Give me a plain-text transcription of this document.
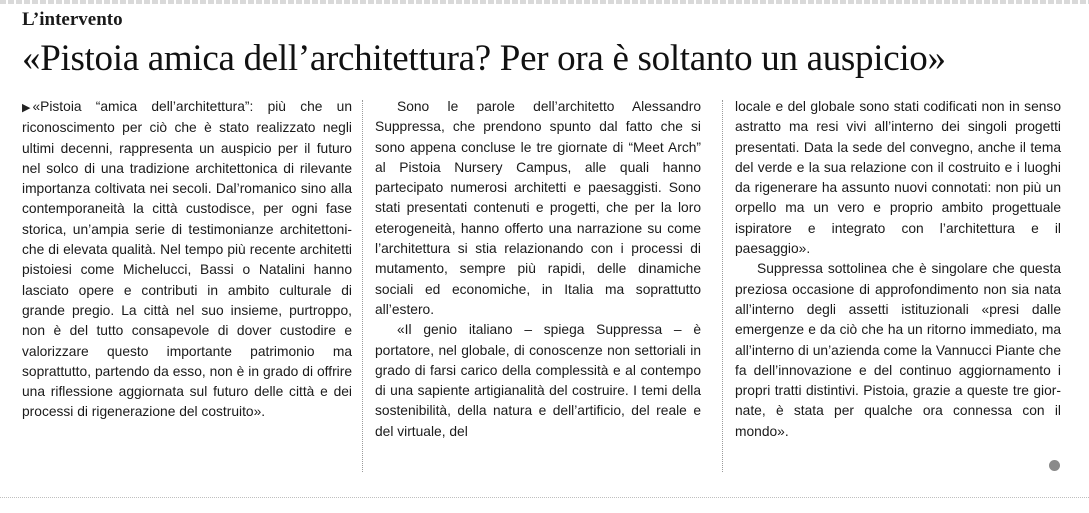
L’intervento
«Pistoia amica dell’architettura? Per ora è soltanto un auspicio»

▶ «Pistoia “amica dell’architettura”: più che un riconoscimento per ciò che è stato realizzato negli ultimi decenni, rappresenta un auspicio per il futuro nel solco di una tradizione architettonica di rilevante importanza coltivata nei secoli. Dal’romanico sino alla contemporaneità la città custodisce, per ogni fase storica, un’ampia serie di testimonianze architettoniche di elevata qualità. Nel tempo più recente architetti pistoiesi come Michelucci, Bassi o Natalini hanno lasciato opere e contributi in ambito culturale di grande pregio. La città nel suo insieme, purtroppo, non è del tutto consapevole di dover custodire e valorizzare questo importante patrimonio ma soprattutto, partendo da esso, non è in grado di offrire una riflessione aggiornata sul futuro delle città e dei processi di rigenerazione del costruito».

Sono le parole dell’architetto Alessandro Suppressa, che prendono spunto dal fatto che si sono appena concluse le tre giornate di “Meet Arch” al Pistoia Nursery Campus, alle quali hanno partecipato numerosi architetti e paesaggisti. Sono stati presentati contenuti e progetti, che per la loro eterogeneità, hanno offerto una narrazione su come l’architettura si stia relazionando con i processi di mutamento, sempre più rapidi, delle dinamiche sociali ed economiche, in Italia ma soprattutto all’estero.

«Il genio italiano – spiega Suppressa – è portatore, nel globale, di conoscenze non settoriali in grado di farsi carico della complessità e al contempo di una sapiente artigianalità del costruire. I temi della sostenibilità, della natura e dell’artificio, del reale e del virtuale, del

locale e del globale sono stati codificati non in senso astratto ma resi vivi all’interno dei singoli progetti presentati. Data la sede del convegno, anche il tema del verde e la sua relazione con il costruito e i luoghi da rigenerare ha assunto nuovi connotati: non più un orpello ma un vero e proprio ambito progettuale ispiratore e integrato con l’architettura e il paesaggio».

Suppressa sottolinea che è singolare che questa preziosa occasione di approfondimento non sia nata all’interno degli assetti istituzionali «presi dalle emergenze e da ciò che ha un ritorno immediato, ma all’interno di un’azienda come la Vannucci Piante che fa dell’innovazione e del continuo aggiornamento i propri tratti distintivi. Pistoia, grazie a queste tre giornate, è stata per qualche ora connessa con il mondo».
